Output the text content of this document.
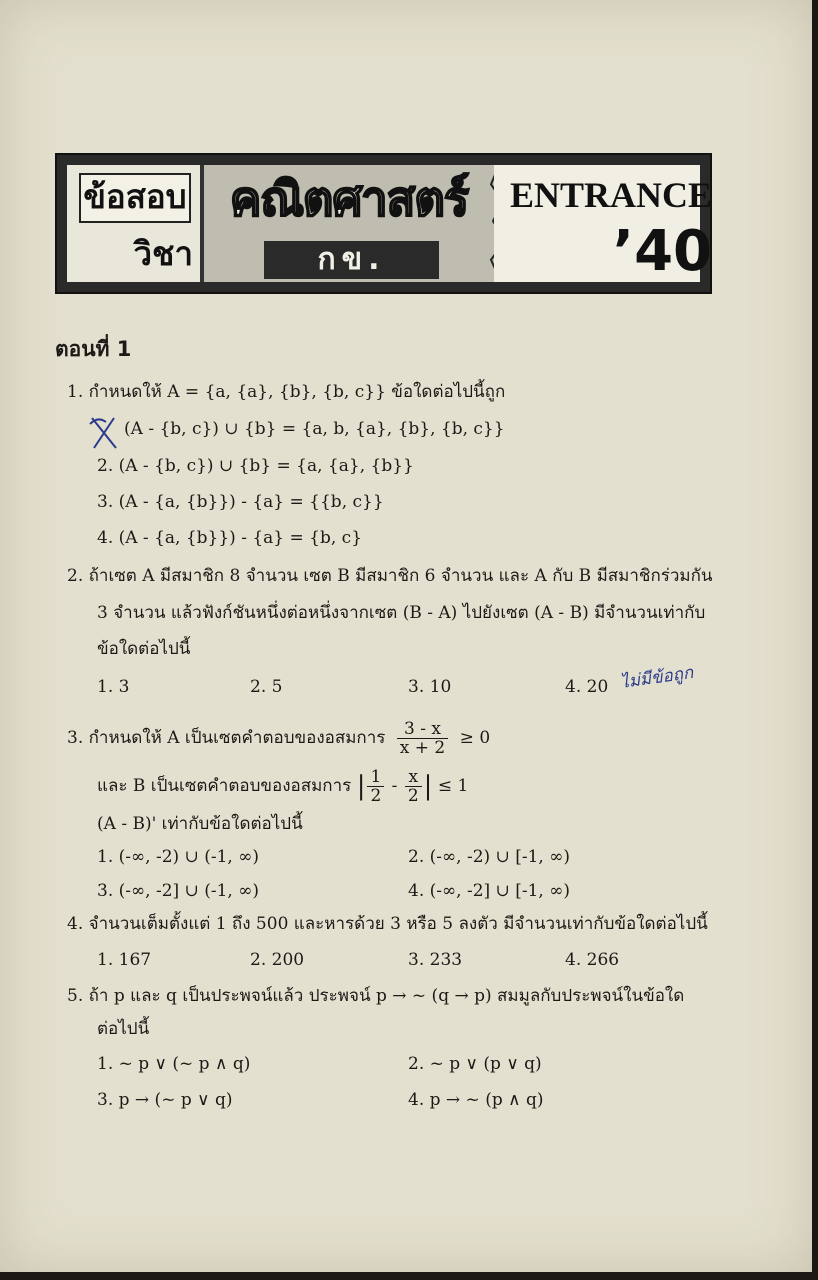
ข้อสอบ
วิชา
คณิตศาสตร์
กข.
ENTRANCE
’40
ตอนที่ 1
1. กำหนดให้ A = {a, {a}, {b}, {b, c}} ข้อใดต่อไปนี้ถูก
(A - {b, c}) ∪ {b} = {a, b, {a}, {b}, {b, c}}
2. (A - {b, c}) ∪ {b} = {a, {a}, {b}}
3. (A - {a, {b}}) - {a} = {{b, c}}
4. (A - {a, {b}}) - {a} = {b, c}
2. ถ้าเซต A มีสมาชิก 8 จำนวน เซต B มีสมาชิก 6 จำนวน และ A กับ B มีสมาชิกร่วมกัน
3 จำนวน แล้วฟังก์ชันหนึ่งต่อหนึ่งจากเซต (B - A) ไปยังเซต (A - B) มีจำนวนเท่ากับ
ข้อใดต่อไปนี้
1. 3	2. 5	3. 10	4. 20 ไม่มีข้อถูก
3. กำหนดให้ A เป็นเซตคำตอบของอสมการ $\frac{3 - x}{x + 2} \ge 0$
และ B เป็นเซตคำตอบของอสมการ | $\frac{1}{2} - \frac{x}{2}$ | ≤ 1
(A - B)' เท่ากับข้อใดต่อไปนี้
1. (-∞, -2) ∪ (-1, ∞)	2. (-∞, -2) ∪ [-1, ∞)
3. (-∞, -2] ∪ (-1, ∞)	4. (-∞, -2] ∪ [-1, ∞)
4. จำนวนเต็มตั้งแต่ 1 ถึง 500 และหารด้วย 3 หรือ 5 ลงตัว มีจำนวนเท่ากับข้อใดต่อไปนี้
1. 167	2. 200	3. 233	4. 266
5. ถ้า p และ q เป็นประพจน์แล้ว ประพจน์ p → ~ (q → p) สมมูลกับประพจน์ในข้อใด
ต่อไปนี้
1. ~ p ∨ (~ p ∧ q)	2. ~ p ∨ (p ∨ q)
3. p → (~ p ∨ q)	4. p → ~ (p ∧ q)
